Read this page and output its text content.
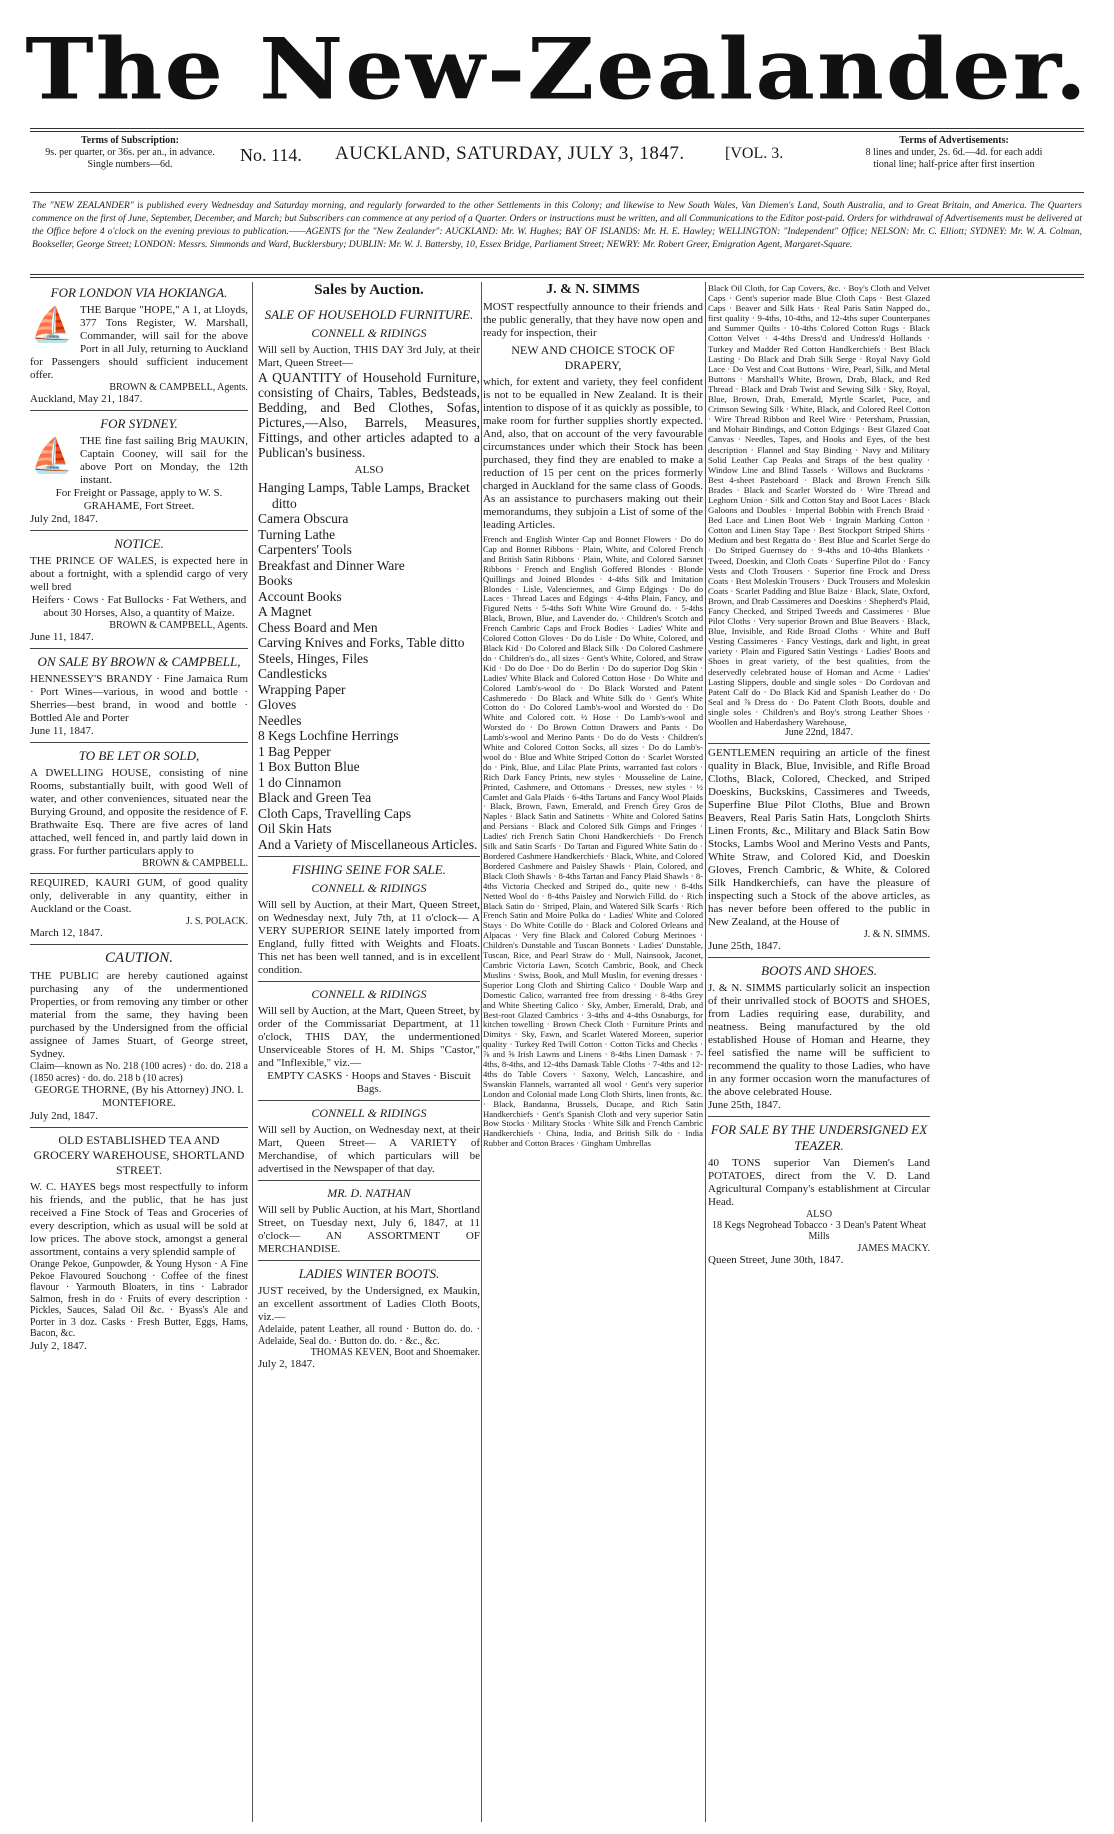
The New-Zealander.
Terms of Subscription:
9s. per quarter, or 36s. per an., in advance.
Single numbers—6d.	No. 114. AUCKLAND, SATURDAY, JULY 3, 1847.	[VOL. 3.
Terms of Advertisements:
8 lines and under, 2s. 6d.—4d. for each addi
tional line; half-price after first insertion
The "NEW ZEALANDER" is published every Wednesday and Saturday morning, and regularly forwarded to the other Settlements in this Colony; and likewise to New South Wales, Van Diemen's Land, South Australia, and to Great Britain, and America. The Quarters commence on the first of June, September, December, and March; but Subscribers can commence at any period of a Quarter. Orders or instructions must be written, and all Communications to the Editor post-paid. Orders for withdrawal of Advertisements must be delivered at the Office before 4 o'clock on the evening previous to publication.——AGENTS for the "New Zealander": AUCKLAND: Mr. W. Hughes; BAY OF ISLANDS: Mr. H. E. Hawley; WELLINGTON: "Independent" Office; NELSON: Mr. C. Elliott; SYDNEY: Mr. W. A. Colman, Bookseller, George Street; LONDON: Messrs. Simmonds and Ward, Bucklersbury; DUBLIN: Mr. W. J. Battersby, 10, Essex Bridge, Parliament Street; NEWRY: Mr. Robert Greer, Emigration Agent, Margaret-Square.
FOR LONDON VIA HOKIANGA.
⛵ THE Barque "HOPE," A 1, at Lloyds, 377 Tons Register, W. Marshall, Commander, will sail for the above Port in all July, returning to Auckland for Passengers should sufficient inducement offer.

BROWN & CAMPBELL, Agents.
Auckland, May 21, 1847.
FOR SYDNEY.
⛵ THE fine fast sailing Brig MAUKIN, Captain Cooney, will sail for the above Port on Monday, the 12th instant.

For Freight or Passage, apply to W. S. GRAHAME, Fort Street.

July 2nd, 1847.
NOTICE.

THE PRINCE OF WALES, is expected here in about a fortnight, with a splendid cargo of very well bred

Heifers · Cows · Fat Bullocks · Fat Wethers, and about 30 Horses, Also, a quantity of Maize.

BROWN & CAMPBELL, Agents.
June 11, 1847.
ON SALE BY BROWN & CAMPBELL,

HENNESSEY'S BRANDY · Fine Jamaica Rum · Port Wines—various, in wood and bottle · Sherries—best brand, in wood and bottle · Bottled Ale and Porter

June 11, 1847.
TO BE LET OR SOLD,

A DWELLING HOUSE, consisting of nine Rooms, substantially built, with good Well of water, and other conveniences, situated near the Burying Ground, and opposite the residence of F. Brathwaite Esq. There are five acres of land attached, well fenced in, and partly laid down in grass. For further particulars apply to

BROWN & CAMPBELL.

REQUIRED, KAURI GUM, of good quality only, deliverable in any quantity, either in Auckland or the Coast.

J. S. POLACK.
March 12, 1847.
CAUTION.

THE PUBLIC are hereby cautioned against purchasing any of the undermentioned Properties, or from removing any timber or other material from the same, they having been purchased by the Undersigned from the official assignee of James Stuart, of George street, Sydney.

Claim—known as No. 218 (100 acres) · do. do. 218 a (1850 acres) · do. do. 218 b (10 acres)

GEORGE THORNE, (By his Attorney) JNO. I. MONTEFIORE.
July 2nd, 1847.
OLD ESTABLISHED TEA AND GROCERY WAREHOUSE, SHORTLAND STREET.

W. C. HAYES begs most respectfully to inform his friends, and the public, that he has just received a Fine Stock of Teas and Groceries of every description, which as usual will be sold at low prices. The above stock, amongst a general assortment, contains a very splendid sample of

Orange Pekoe, Gunpowder, & Young Hyson · A Fine Pekoe Flavoured Souchong · Coffee of the finest flavour · Yarmouth Bloaters, in tins · Labrador Salmon, fresh in do · Fruits of every description · Pickles, Sauces, Salad Oil &c. · Byass's Ale and Porter in 3 doz. Casks · Fresh Butter, Eggs, Hams, Bacon, &c.

July 2, 1847.
Sales by Auction.
SALE OF HOUSEHOLD FURNITURE.
CONNELL & RIDINGS

Will sell by Auction, THIS DAY 3rd July, at their Mart, Queen Street—

A QUANTITY of Household Furniture, consisting of Chairs, Tables, Bedsteads, Bedding, and Bed Clothes, Sofas, Pictures,—Also, Barrels, Measures, Fittings, and other articles adapted to a Publican's business.

ALSO
Hanging Lamps, Table Lamps, Bracket ditto
Camera Obscura
Turning Lathe
Carpenters' Tools
Breakfast and Dinner Ware
Books
Account Books
A Magnet
Chess Board and Men
Carving Knives and Forks, Table ditto
Steels, Hinges, Files
Candlesticks
Wrapping Paper
Gloves
Needles
8 Kegs Lochfine Herrings
1 Bag Pepper
1 Box Button Blue
1 do Cinnamon
Black and Green Tea
Cloth Caps, Travelling Caps
Oil Skin Hats
And a Variety of Miscellaneous Articles.
FISHING SEINE FOR SALE.
CONNELL & RIDINGS

Will sell by Auction, at their Mart, Queen Street, on Wednesday next, July 7th, at 11 o'clock— A VERY SUPERIOR SEINE lately imported from England, fully fitted with Weights and Floats. This net has been well tanned, and is in excellent condition.

CONNELL & RIDINGS

Will sell by Auction, at the Mart, Queen Street, by order of the Commissariat Department, at 11 o'clock, THIS DAY, the undermentioned Unserviceable Stores of H. M. Ships "Castor," and "Inflexible," viz.—

EMPTY CASKS · Hoops and Staves · Biscuit Bags.

CONNELL & RIDINGS

Will sell by Auction, on Wednesday next, at their Mart, Queen Street— A VARIETY of Merchandise, of which particulars will be advertised in the Newspaper of that day.

MR. D. NATHAN

Will sell by Public Auction, at his Mart, Shortland Street, on Tuesday next, July 6, 1847, at 11 o'clock— AN ASSORTMENT OF MERCHANDISE.

LADIES WINTER BOOTS.

JUST received, by the Undersigned, ex Maukin, an excellent assortment of Ladies Cloth Boots, viz.—

Adelaide, patent Leather, all round · Button do. do. · Adelaide, Seal do. · Button do. do. · &c., &c.

THOMAS KEVEN, Boot and Shoemaker.
July 2, 1847.
J. & N. SIMMS

MOST respectfully announce to their friends and the public generally, that they have now open and ready for inspection, their

NEW AND CHOICE STOCK OF DRAPERY,

which, for extent and variety, they feel confident is not to be equalled in New Zealand. It is their intention to dispose of it as quickly as possible, to make room for further supplies shortly expected. And, also, that on account of the very favourable circumstances under which their Stock has been purchased, they find they are enabled to make a reduction of 15 per cent on the prices formerly charged in Auckland for the same class of Goods. As an assistance to purchasers making out their memorandums, they subjoin a List of some of the leading Articles.

French and English Winter Cap and Bonnet Flowers · Do do Cap and Bonnet Ribbons · Plain, White, and Colored French and British Satin Ribbons · Plain, White, and Colored Sarsnet Ribbons · French and English Goffered Blondes · Blonde Quillings and Joined Blondes · 4-4ths Silk and Imitation Blondes · Lisle, Valenciennes, and Gimp Edgings · Do do Laces · Thread Laces and Edgings · 4-4ths Plain, Fancy, and Figured Netts · 5-4ths Soft White Wire Ground do. · 5-4ths Black, Brown, Blue, and Lavender do. · Children's Scotch and French Cambric Caps and Frock Bodies · Ladies' White and Colored Cotton Gloves · Do do Lisle · Do White, Colored, and Black Kid · Do Colored and Black Silk · Do Colored Cashmere do · Children's do., all sizes · Gent's White, Colored, and Straw Kid · Do do Doe · Do do Berlin · Do do superior Dog Skin · Ladies' White Black and Colored Cotton Hose · Do White and Colored Lamb's-wool do · Do Black Worsted and Patent Cashmeredo · Do Black and White Silk do · Gent's White Cotton do · Do Colored Lamb's-wool and Worsted do · Do White and Colored cott. ½ Hose · Do Lamb's-wool and Worsted do · Do Brown Cotton Drawers and Pants · Do Lamb's-wool and Merino Pants · Do do do Vests · Children's White and Colored Cotton Socks, all sizes · Do do Lamb's-wool do · Blue and White Striped Cotton do · Scarlet Worsted do · Pink, Blue, and Lilac Plate Prints, warranted fast colors · Rich Dark Fancy Prints, new styles · Mousseline de Laine, Printed, Cashmere, and Ottomans · Dresses, new styles · ½ Camlet and Gala Plaids · 6-4ths Tartans and Fancy Wool Plaids · Black, Brown, Fawn, Emerald, and French Grey Gros de Naples · Black Satin and Satinetts · White and Colored Satins and Persians · Black and Colored Silk Gimps and Fringes · Ladies' rich French Satin Choni Handkerchiefs · Do French Silk and Satin Scarfs · Do Tartan and Figured White Satin do · Bordered Cashmere Handkerchiefs · Black, White, and Colored Bordered Cashmere and Paisley Shawls · Plain, Colored, and Black Cloth Shawls · 8-4ths Tartan and Fancy Plaid Shawls · 8-4ths Victoria Checked and Striped do., quite new · 8-4ths Netted Wool do · 8-4ths Paisley and Norwich Filld. do · Rich Black Satin do · Striped, Plain, and Watered Silk Scarfs · Rich French Satin and Moire Polka do · Ladies' White and Colored Stays · Do White Cotille do · Black and Colored Orleans and Alpacas · Very fine Black and Colored Coburg Merinoes · Children's Dunstable and Tuscan Bonnets · Ladies' Dunstable, Tuscan, Rice, and Pearl Straw do · Mull, Nainsook, Jaconet, Cambric Victoria Lawn, Scotch Cambric, Book, and Check Muslins · Swiss, Book, and Mull Muslin, for evening dresses · Superior Long Cloth and Shirting Calico · Double Warp and Domestic Calico, warranted free from dressing · 8-4ths Grey and White Sheeting Calico · Sky, Amber, Emerald, Drab, and Best-root Glazed Cambrics · 3-4ths and 4-4ths Osnaburgs, for kitchen towelling · Brown Check Cloth · Furniture Prints and Dimitys · Sky, Fawn, and Scarlet Watered Moreen, superior quality · Turkey Red Twill Cotton · Cotton Ticks and Checks · ⅞ and ⅝ Irish Lawns and Linens · 8-4ths Linen Damask · 7-4ths, 8-4ths, and 12-4ths Damask Table Cloths · 7-4ths and 12-4ths do Table Covers · Saxony, Welch, Lancashire, and Swanskin Flannels, warranted all wool · Gent's very superior London and Colonial made Long Cloth Shirts, linen fronts, &c. · Black, Bandanna, Brussels, Ducape, and Rich Satin Handkerchiefs · Gent's Spanish Cloth and very superior Satin Bow Stocks · Military Stocks · White Silk and French Cambric Handkerchiefs · China, India, and British Silk do · India Rubber and Cotton Braces · Gingham Umbrellas

Black Oil Cloth, for Cap Covers, &c. · Boy's Cloth and Velvet Caps · Gent's superior made Blue Cloth Caps · Best Glazed Caps · Beaver and Silk Hats · Real Paris Satin Napped do., first quality · 9-4ths, 10-4ths, and 12-4ths super Counterpanes and Summer Quilts · 10-4ths Colored Cotton Rugs · Black Cotton Velvet · 4-4ths Dress'd and Undress'd Hollands · Turkey and Madder Red Cotton Handkerchiefs · Best Black Lasting · Do Black and Drab Silk Serge · Royal Navy Gold Lace · Do Vest and Coat Buttons · Wire, Pearl, Silk, and Metal Buttons · Marshall's White, Brown, Drab, Black, and Red Thread · Black and Drab Twist and Sewing Silk · Sky, Royal, Blue, Brown, Drab, Emerald, Myrtle Scarlet, Puce, and Crimson Sewing Silk · White, Black, and Colored Reel Cotton · Wire Thread Ribbon and Reel Wire · Petersham, Prussian, and Mohair Bindings, and Cotton Edgings · Best Glazed Coat Canvas · Needles, Tapes, and Hooks and Eyes, of the best description · Flannel and Stay Binding · Navy and Military Solid Leather Cap Peaks and Straps of the best quality · Window Line and Blind Tassels · Willows and Buckrams · Best 4-sheet Pasteboard · Black and Brown French Silk Brades · Black and Scarlet Worsted do · Wire Thread and Leghorn Union · Silk and Cotton Stay and Boot Laces · Black Galoons and Doubles · Imperial Bobbin with French Braid · Bed Lace and Linen Boot Web · Ingrain Marking Cotton · Cotton and Linen Stay Tape · Best Stockport Striped Shirts · Medium and best Regatta do · Best Blue and Scarlet Serge do · Do Striped Guernsey do · 9-4ths and 10-4ths Blankets · Tweed, Doeskin, and Cloth Coats · Superfine Pilot do · Fancy Vests and Cloth Trousers · Superior fine Frock and Dress Coats · Best Moleskin Trousers · Duck Trousers and Moleskin Coats · Scarlet Padding and Blue Baize · Black, Slate, Oxford, Brown, and Drab Cassimeres and Doeskins · Shepherd's Plaid, Fancy Checked, and Striped Tweeds and Cassimeres · Blue Pilot Cloths · Very superior Brown and Blue Beavers · Black, Blue, Invisible, and Ride Broad Cloths · White and Buff Vesting Cassimeres · Fancy Vestings, dark and light, in great variety · Plain and Figured Satin Vestings · Ladies' Boots and Shoes in great variety, of the best qualities, from the deservedly celebrated house of Homan and Acme · Ladies' Lasting Slippers, double and single soles · Do Cordovan and Patent Calf do · Do Black Kid and Spanish Leather do · Do Seal and ⅞ Dress do · Do Patent Cloth Boots, double and single soles · Children's and Boy's strong Leather Shoes · Woollen and Haberdashery Warehouse,

June 22nd, 1847.

GENTLEMEN requiring an article of the finest quality in Black, Blue, Invisible, and Rifle Broad Cloths, Black, Colored, Checked, and Striped Doeskins, Buckskins, Cassimeres and Tweeds, Superfine Blue Pilot Cloths, Blue and Brown Beavers, Real Paris Satin Hats, Longcloth Shirts Linen Fronts, &c., Military and Black Satin Bow Stocks, Lambs Wool and Merino Vests and Pants, White Straw, and Colored Kid, and Doeskin Gloves, French Cambric, & White, & Colored Silk Handkerchiefs, can have the pleasure of inspecting such a Stock of the above articles, as has never before been offered to the public in New Zealand, at the House of

J. & N. SIMMS.
June 25th, 1847.
BOOTS AND SHOES.

J. & N. SIMMS particularly solicit an inspection of their unrivalled stock of BOOTS and SHOES, from Ladies requiring ease, durability, and neatness. Being manufactured by the old established House of Homan and Hearne, they feel satisfied the name will be sufficient to recommend the quality to those Ladies, who have in any former occasion worn the manufactures of the above celebrated House.

June 25th, 1847.
FOR SALE BY THE UNDERSIGNED EX TEAZER.

40 TONS superior Van Diemen's Land POTATOES, direct from the V. D. Land Agricultural Company's establishment at Circular Head.

ALSO

18 Kegs Negrohead Tobacco · 3 Dean's Patent Wheat Mills

JAMES MACKY.
Queen Street, June 30th, 1847.
